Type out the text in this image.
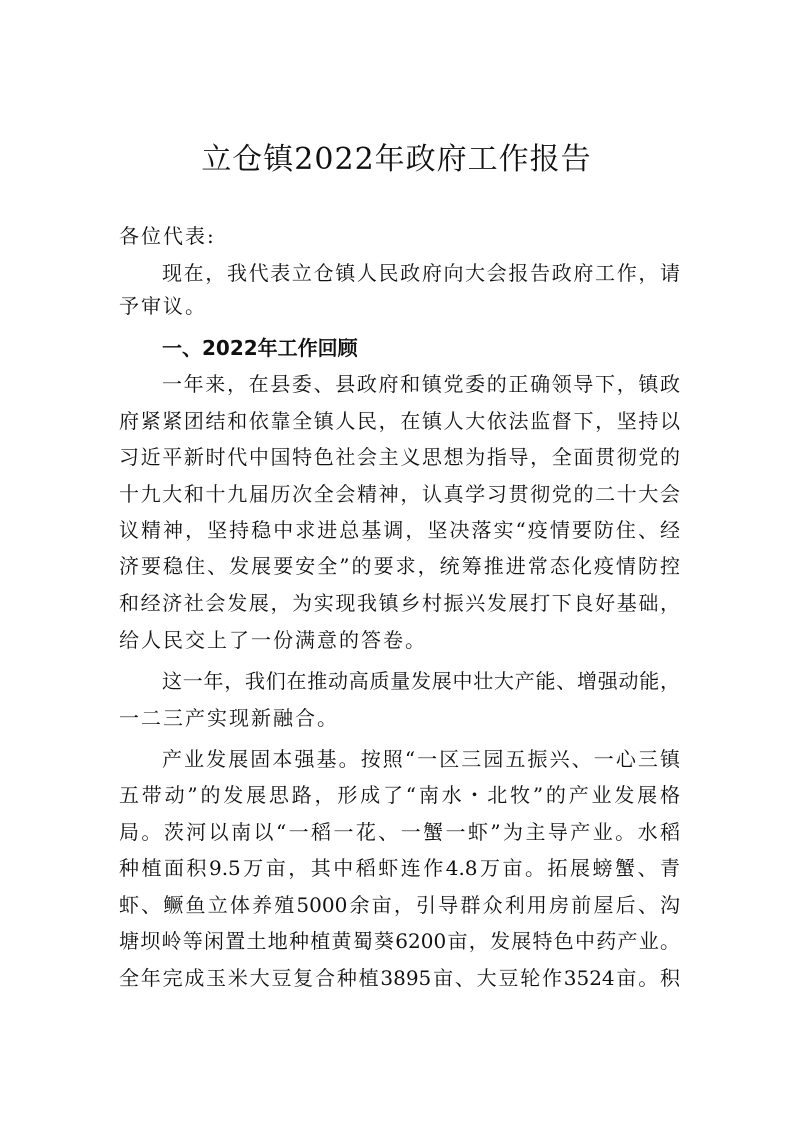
立仓镇2022年政府工作报告
各位代表:
现在，我代表立仓镇人民政府向大会报告政府工作，请
予审议。
一、2022年工作回顾
一年来，在县委、县政府和镇党委的正确领导下，镇政
府紧紧团结和依靠全镇人民，在镇人大依法监督下，坚持以
习近平新时代中国特色社会主义思想为指导，全面贯彻党的
十九大和十九届历次全会精神，认真学习贯彻党的二十大会
议精神，坚持稳中求进总基调，坚决落实“疫情要防住、经
济要稳住、发展要安全”的要求，统筹推进常态化疫情防控
和经济社会发展，为实现我镇乡村振兴发展打下良好基础，
给人民交上了一份满意的答卷。
这一年，我们在推动高质量发展中壮大产能、增强动能，
一二三产实现新融合。
产业发展固本强基。按照“一区三园五振兴、一心三镇
五带动”的发展思路，形成了“南水・北牧”的产业发展格
局。茨河以南以“一稻一花、一蟹一虾”为主导产业。水稻
种植面积9.5万亩，其中稻虾连作4.8万亩。拓展螃蟹、青
虾、鳜鱼立体养殖5000余亩，引导群众利用房前屋后、沟
塘坝岭等闲置土地种植黄蜀葵6200亩，发展特色中药产业。
全年完成玉米大豆复合种植3895亩、大豆轮作3524亩。积
